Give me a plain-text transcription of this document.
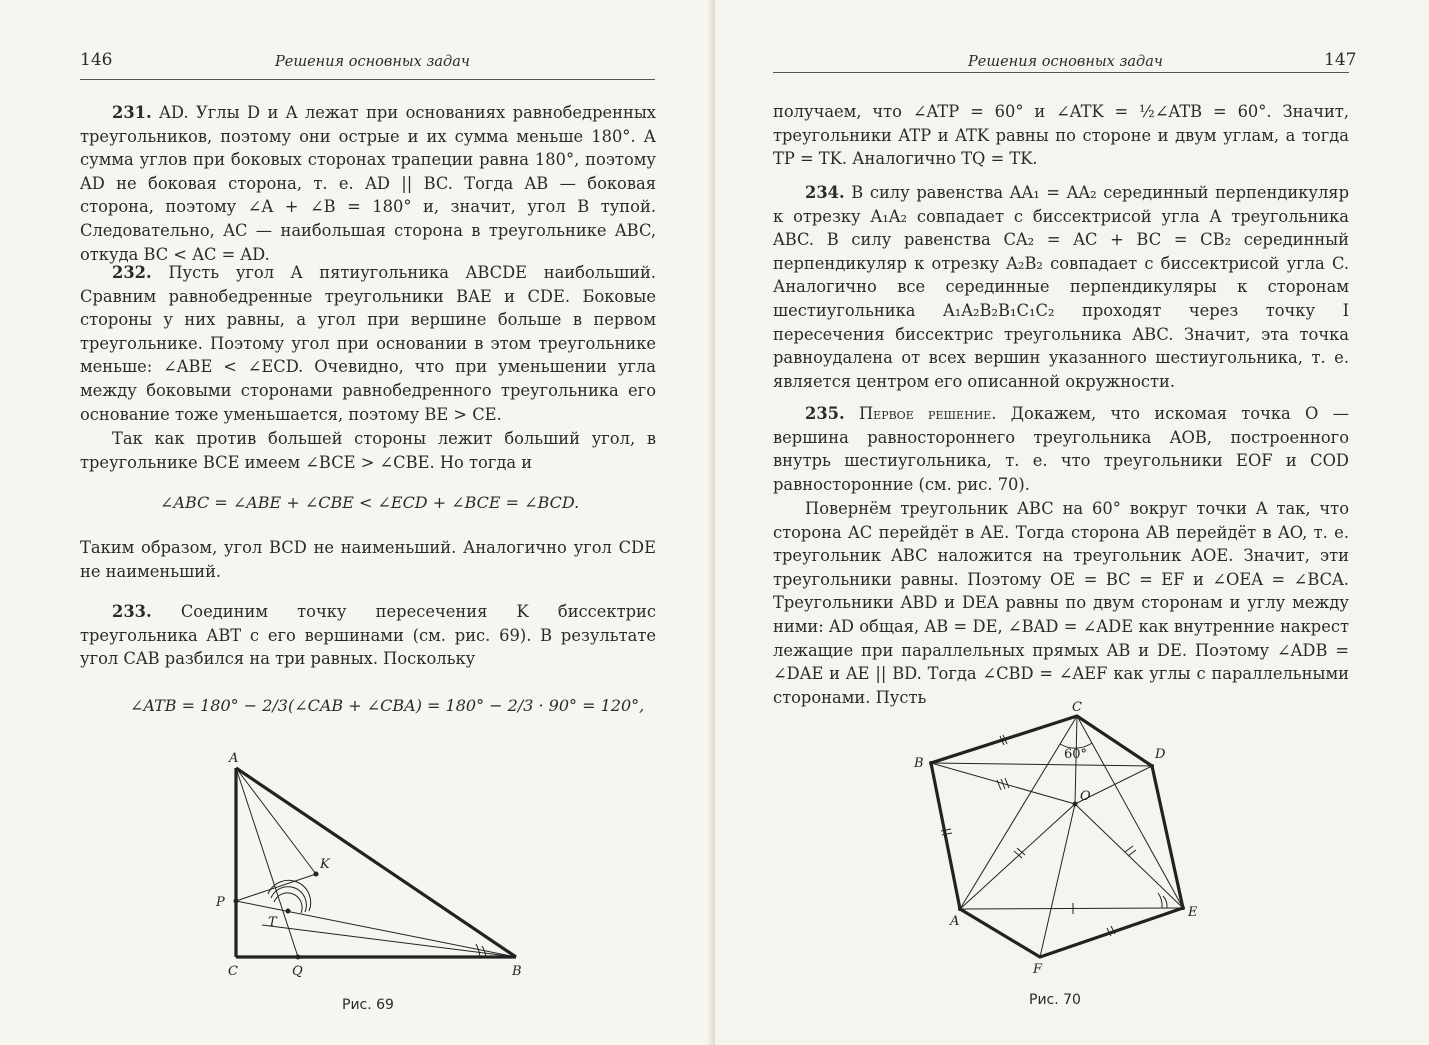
146	Решения основных задач

231. AD. Углы D и A лежат при основаниях равнобедренных треугольников, поэтому они острые и их сумма меньше 180°. А сумма углов при боковых сторонах трапеции равна 180°, поэтому AD не боковая сторона, т. е. AD || BC. Тогда AB — боковая сторона, поэтому ∠A + ∠B = 180° и, значит, угол B тупой. Следовательно, AC — наибольшая сторона в треугольнике ABC, откуда BC < AC = AD.

232. Пусть угол A пятиугольника ABCDE наибольший. Сравним равнобедренные треугольники BAE и CDE. Боковые стороны у них равны, а угол при вершине больше в первом треугольнике. Поэтому угол при основании в этом треугольнике меньше: ∠ABE < ∠ECD. Очевидно, что при уменьшении угла между боковыми сторонами равнобедренного треугольника его основание тоже уменьшается, поэтому BE > CE.

Так как против большей стороны лежит больший угол, в треугольнике BCE имеем ∠BCE > ∠CBE. Но тогда и

∠ABC = ∠ABE + ∠CBE < ∠ECD + ∠BCE = ∠BCD.

Таким образом, угол BCD не наименьший. Аналогично угол CDE не наименьший.

233. Соединим точку пересечения K биссектрис треугольника ABT с его вершинами (см. рис. 69). В результате угол CAB разбился на три равных. Поскольку

∠ATB = 180° − 2/3(∠CAB + ∠CBA) = 180° − 2/3 · 90° = 120°,
A
K
P
T
C	Q	B
Рис. 69
Решения основных задач	147

получаем, что ∠ATP = 60° и ∠ATK = ½∠ATB = 60°. Значит, треугольники ATP и ATK равны по стороне и двум углам, а тогда TP = TK. Аналогично TQ = TK.

234. В силу равенства AA₁ = AA₂ серединный перпендикуляр к отрезку A₁A₂ совпадает с биссектрисой угла A треугольника ABC. В силу равенства CA₂ = AC + BC = CB₂ серединный перпендикуляр к отрезку A₂B₂ совпадает с биссектрисой угла C. Аналогично все серединные перпендикуляры к сторонам шестиугольника A₁A₂B₂B₁C₁C₂ проходят через точку I пересечения биссектрис треугольника ABC. Значит, эта точка равноудалена от всех вершин указанного шестиугольника, т. е. является центром его описанной окружности.

235. Первое решение. Докажем, что искомая точка O — вершина равностороннего треугольника AOB, построенного внутрь шестиугольника, т. е. что треугольники EOF и COD равносторонние (см. рис. 70).

Повернём треугольник ABC на 60° вокруг точки A так, что сторона AC перейдёт в AE. Тогда сторона AB перейдёт в AO, т. е. треугольник ABC наложится на треугольник AOE. Значит, эти треугольники равны. Поэтому OE = BC = EF и ∠OEA = ∠BCA. Треугольники ABD и DEA равны по двум сторонам и углу между ними: AD общая, AB = DE, ∠BAD = ∠ADE как внутренние накрест лежащие при параллельных прямых AB и DE. Поэтому ∠ADB = ∠DAE и AE || BD. Тогда ∠CBD = ∠AEF как углы с параллельными сторонами. Пусть

C
D
B
O
A
E
F
60°
Рис. 70
